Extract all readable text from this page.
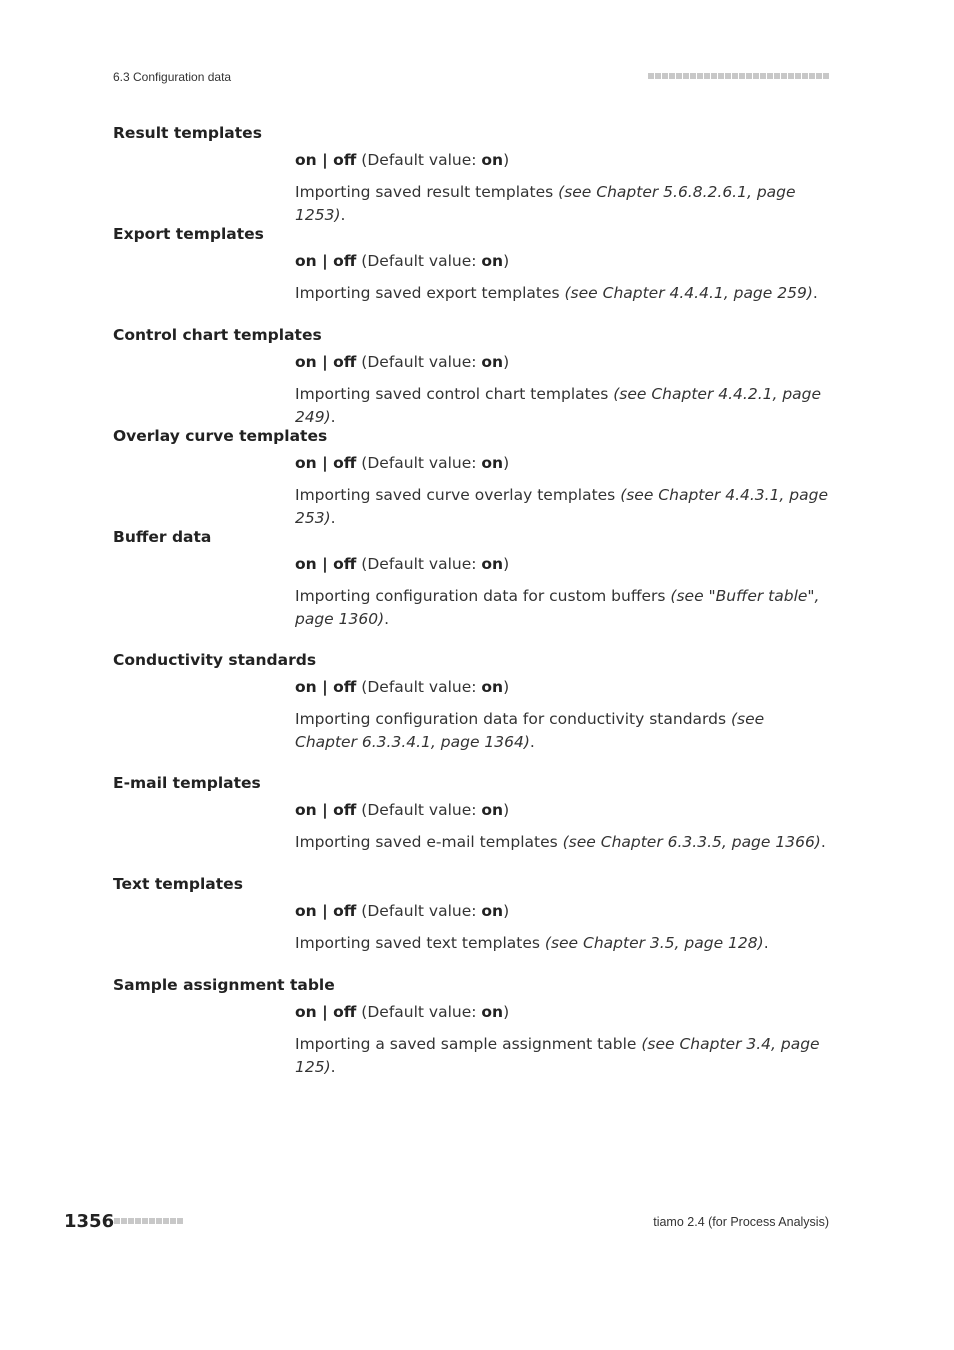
6.3 Configuration data
Result templates
on | off (Default value: on)
Importing saved result templates (see Chapter 5.6.8.2.6.1, page 1253).
Export templates
on | off (Default value: on)
Importing saved export templates (see Chapter 4.4.4.1, page 259).
Control chart templates
on | off (Default value: on)
Importing saved control chart templates (see Chapter 4.4.2.1, page 249).
Overlay curve templates
on | off (Default value: on)
Importing saved curve overlay templates (see Chapter 4.4.3.1, page 253).
Buffer data
on | off (Default value: on)
Importing configuration data for custom buffers (see "Buffer table", page 1360).
Conductivity standards
on | off (Default value: on)
Importing configuration data for conductivity standards (see Chapter 6.3.3.4.1, page 1364).
E-mail templates
on | off (Default value: on)
Importing saved e-mail templates (see Chapter 6.3.3.5, page 1366).
Text templates
on | off (Default value: on)
Importing saved text templates (see Chapter 3.5, page 128).
Sample assignment table
on | off (Default value: on)
Importing a saved sample assignment table (see Chapter 3.4, page 125).
1356	tiamo 2.4 (for Process Analysis)
